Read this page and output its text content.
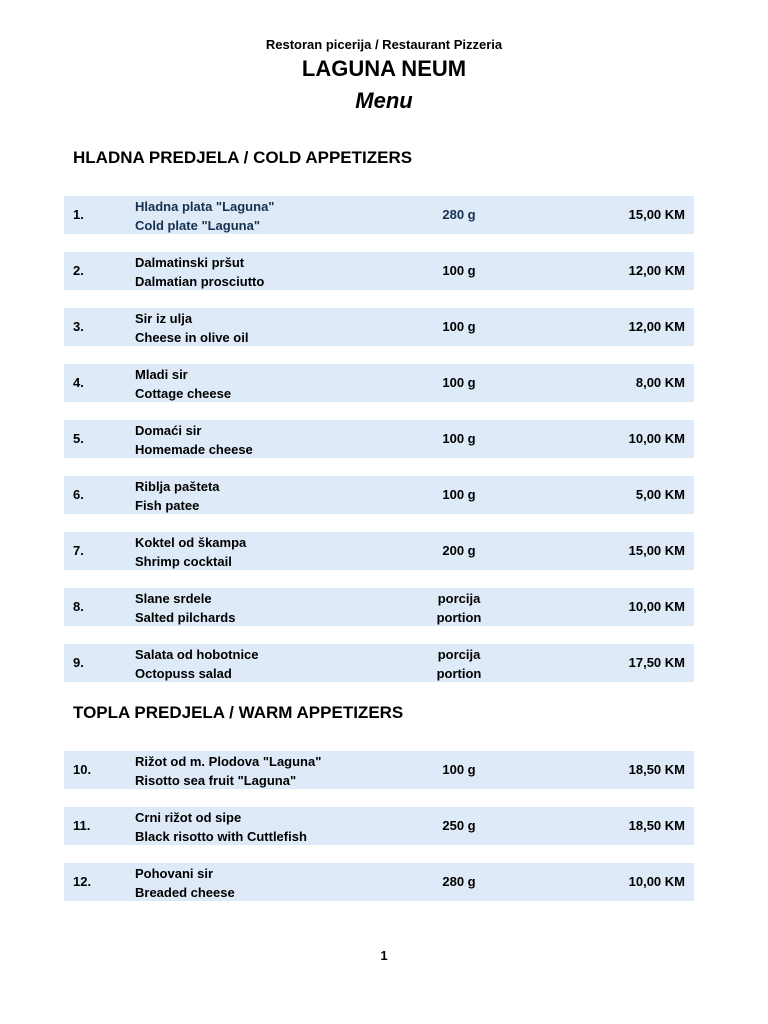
Restoran picerija / Restaurant Pizzeria
LAGUNA NEUM
Menu
HLADNA PREDJELA / COLD APPETIZERS
1.
Hladna plata "Laguna"
Cold plate "Laguna"
280 g	15,00 KM
2.
Dalmatinski pršut
Dalmatian prosciutto
100 g	12,00 KM
3.
Sir iz ulja
Cheese in olive oil
100 g	12,00 KM
4.
Mladi sir
Cottage cheese
100 g	8,00 KM
5.
Domaći sir
Homemade cheese
100 g	10,00 KM
6.
Riblja pašteta
Fish patee
100 g	5,00 KM
7.
Koktel od škampa
Shrimp cocktail
200 g	15,00 KM
8.
Slane srdele
Salted pilchards
porcija
portion
10,00 KM
9.
Salata od hobotnice
Octopuss salad
porcija
portion
17,50 KM
TOPLA PREDJELA / WARM APPETIZERS
10.
Rižot od m. Plodova "Laguna"
Risotto sea fruit "Laguna"
100 g	18,50 KM
11.
Crni rižot od sipe
Black risotto with Cuttlefish
250 g	18,50 KM
12.
Pohovani sir
Breaded cheese
280 g	10,00 KM
1
